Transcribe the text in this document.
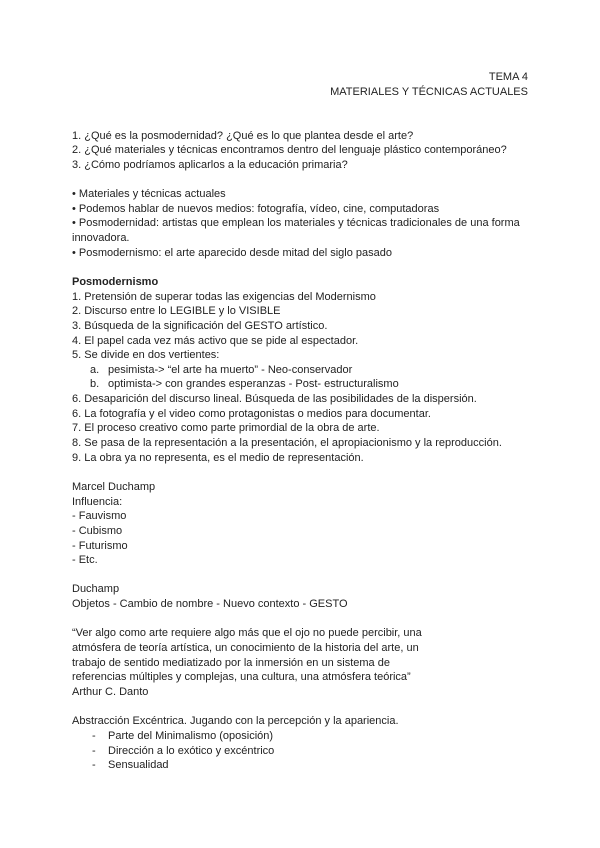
TEMA 4
MATERIALES Y TÉCNICAS ACTUALES
1. ¿Qué es la posmodernidad? ¿Qué es lo que plantea desde el arte?
2. ¿Qué materiales y técnicas encontramos dentro del lenguaje plástico contemporáneo?
3. ¿Cómo podríamos aplicarlos a la educación primaria?
• Materiales y técnicas actuales
• Podemos hablar de nuevos medios: fotografía, vídeo, cine, computadoras
• Posmodernidad: artistas que emplean los materiales y técnicas tradicionales de una forma innovadora.
• Posmodernismo: el arte aparecido desde mitad del siglo pasado
Posmodernismo
1. Pretensión de superar todas las exigencias del Modernismo
2. Discurso entre lo LEGIBLE y lo VISIBLE
3. Búsqueda de la significación del GESTO artístico.
4. El papel cada vez más activo que se pide al espectador.
5. Se divide en dos vertientes:
a. pesimista-> “el arte ha muerto” - Neo-conservador
b. optimista-> con grandes esperanzas - Post- estructuralismo
6. Desaparición del discurso lineal. Búsqueda de las posibilidades de la dispersión.
6. La fotografía y el video como protagonistas o medios para documentar.
7. El proceso creativo como parte primordial de la obra de arte.
8. Se pasa de la representación a la presentación, el apropiacionismo y la reproducción.
9. La obra ya no representa, es el medio de representación.
Marcel Duchamp
Influencia:
- Fauvismo
- Cubismo
- Futurismo
- Etc.
Duchamp
Objetos - Cambio de nombre - Nuevo contexto - GESTO
“Ver algo como arte requiere algo más que el ojo no puede percibir, una
atmósfera de teoría artística, un conocimiento de la historia del arte, un
trabajo de sentido mediatizado por la inmersión en un sistema de
referencias múltiples y complejas, una cultura, una atmósfera teórica”
Arthur C. Danto
Abstracción Excéntrica. Jugando con la percepción y la apariencia.
- Parte del Minimalismo (oposición)
- Dirección a lo exótico y excéntrico
- Sensualidad
